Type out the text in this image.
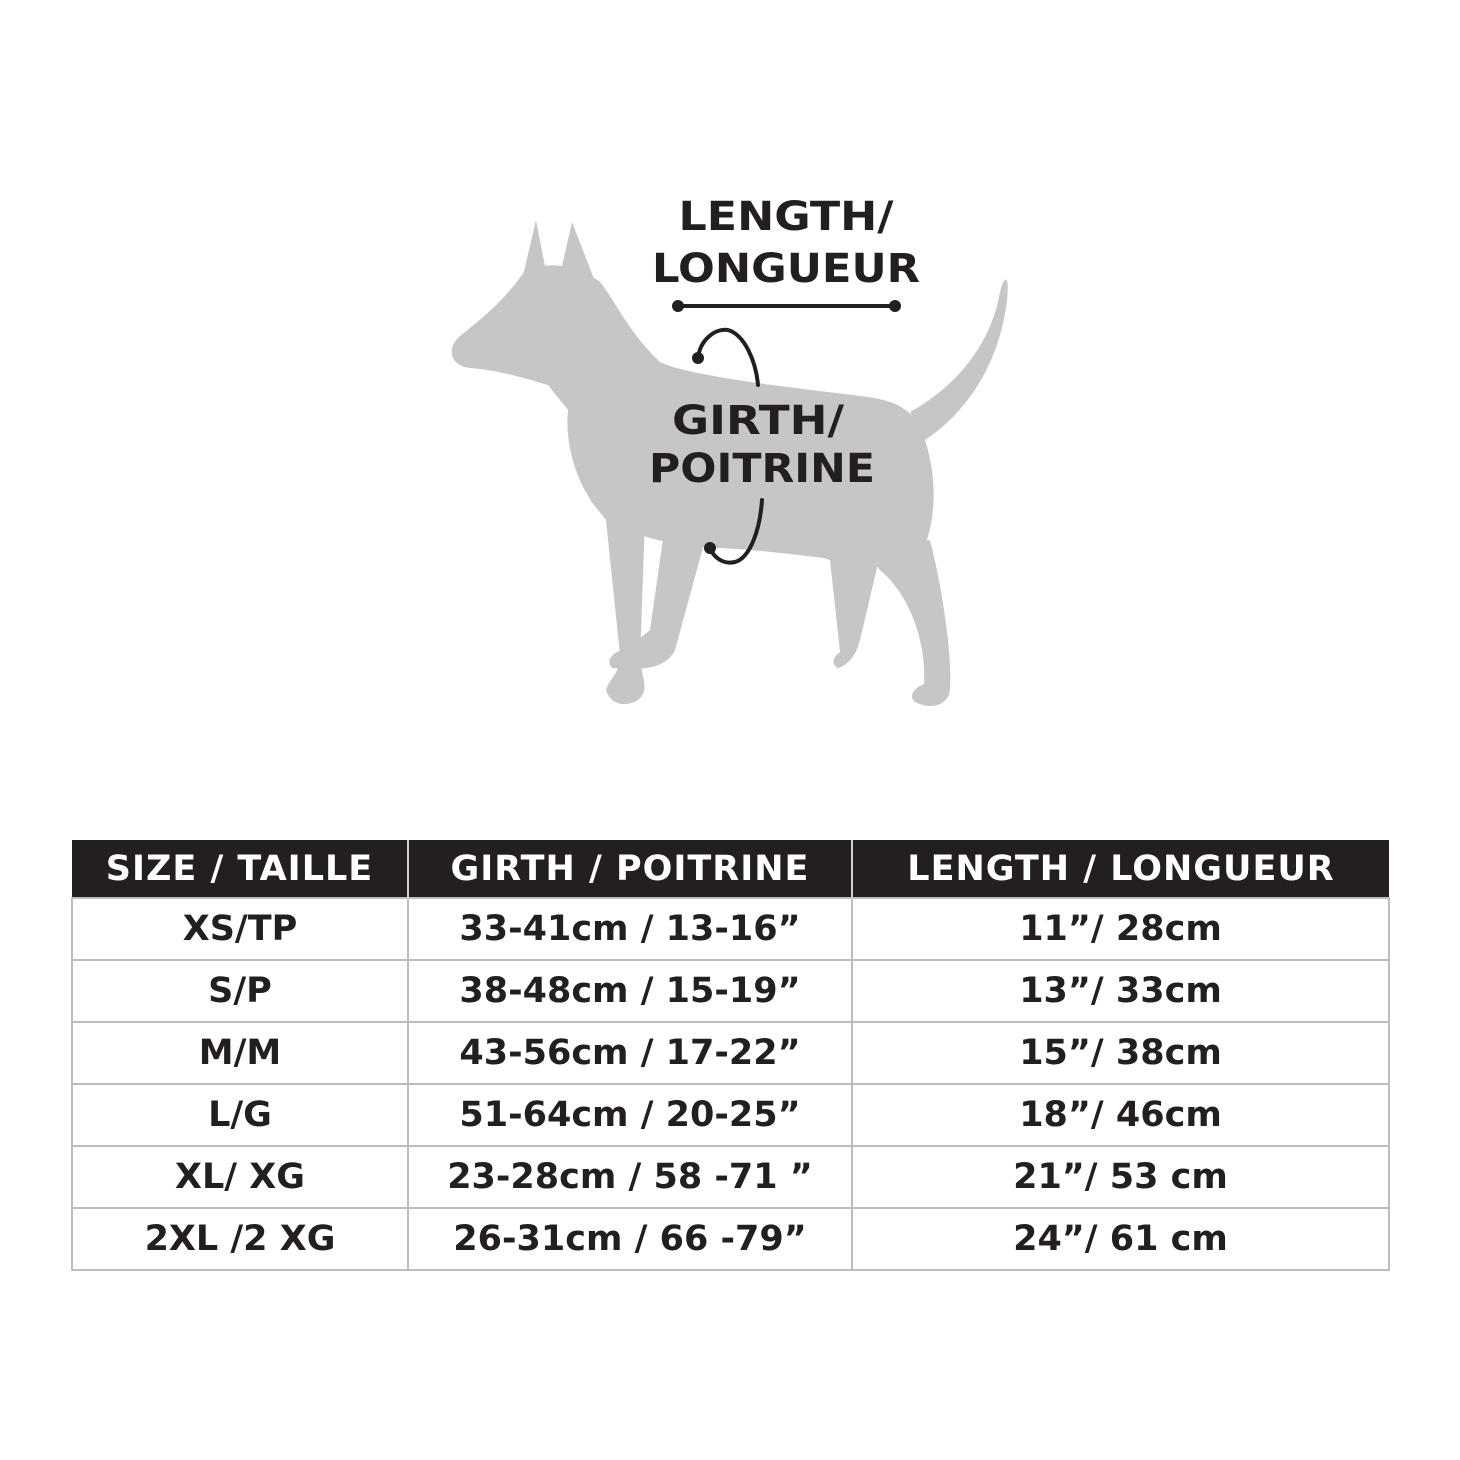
LENGTH/
LONGUEUR
GIRTH/
POITRINE
SIZE / TAILLE	GIRTH / POITRINE	LENGTH / LONGUEUR
XS/TP	33-41cm / 13-16”	11”/ 28cm
S/P	38-48cm / 15-19”	13”/ 33cm
M/M	43-56cm / 17-22”	15”/ 38cm
L/G	51-64cm / 20-25”	18”/ 46cm
XL/ XG	23-28cm / 58 -71 ”	21”/ 53 cm
2XL /2 XG	26-31cm / 66 -79”	24”/ 61 cm
